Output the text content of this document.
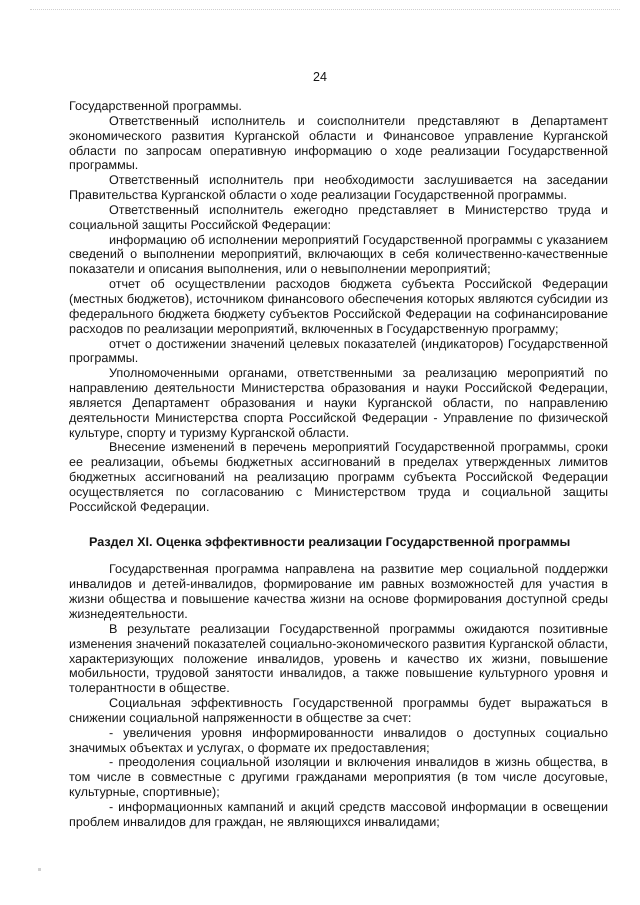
24

Государственной программы.

Ответственный исполнитель и соисполнители представляют в Департамент экономического развития Курганской области и Финансовое управление Курганской области по запросам оперативную информацию о ходе реализации Государственной программы.

Ответственный исполнитель при необходимости заслушивается на заседании Правительства Курганской области о ходе реализации Государственной программы.

Ответственный исполнитель ежегодно представляет в Министерство труда и социальной защиты Российской Федерации:

информацию об исполнении мероприятий Государственной программы с указанием сведений о выполнении мероприятий, включающих в себя количественно-качественные показатели и описания выполнения, или о невыполнении мероприятий;

отчет об осуществлении расходов бюджета субъекта Российской Федерации (местных бюджетов), источником финансового обеспечения которых являются субсидии из федерального бюджета бюджету субъектов Российской Федерации на софинансирование расходов по реализации мероприятий, включенных в Государственную программу;

отчет о достижении значений целевых показателей (индикаторов) Государственной программы.

Уполномоченными органами, ответственными за реализацию мероприятий по направлению деятельности Министерства образования и науки Российской Федерации, является Департамент образования и науки Курганской области, по направлению деятельности Министерства спорта Российской Федерации - Управление по физической культуре, спорту и туризму Курганской области.

Внесение изменений в перечень мероприятий Государственной программы, сроки ее реализации, объемы бюджетных ассигнований в пределах утвержденных лимитов бюджетных ассигнований на реализацию программ субъекта Российской Федерации осуществляется по согласованию с Министерством труда и социальной защиты Российской Федерации.

Раздел XI. Оценка эффективности реализации Государственной программы

Государственная программа направлена на развитие мер социальной поддержки инвалидов и детей-инвалидов, формирование им равных возможностей для участия в жизни общества и повышение качества жизни на основе формирования доступной среды жизнедеятельности.

В результате реализации Государственной программы ожидаются позитивные изменения значений показателей социально-экономического развития Курганской области, характеризующих положение инвалидов, уровень и качество их жизни, повышение мобильности, трудовой занятости инвалидов, а также повышение культурного уровня и толерантности в обществе.

Социальная эффективность Государственной программы будет выражаться в снижении социальной напряженности в обществе за счет:

- увеличения уровня информированности инвалидов о доступных социально значимых объектах и услугах, о формате их предоставления;

- преодоления социальной изоляции и включения инвалидов в жизнь общества, в том числе в совместные с другими гражданами мероприятия (в том числе досуговые, культурные, спортивные);

- информационных кампаний и акций средств массовой информации в освещении проблем инвалидов для граждан, не являющихся инвалидами;
